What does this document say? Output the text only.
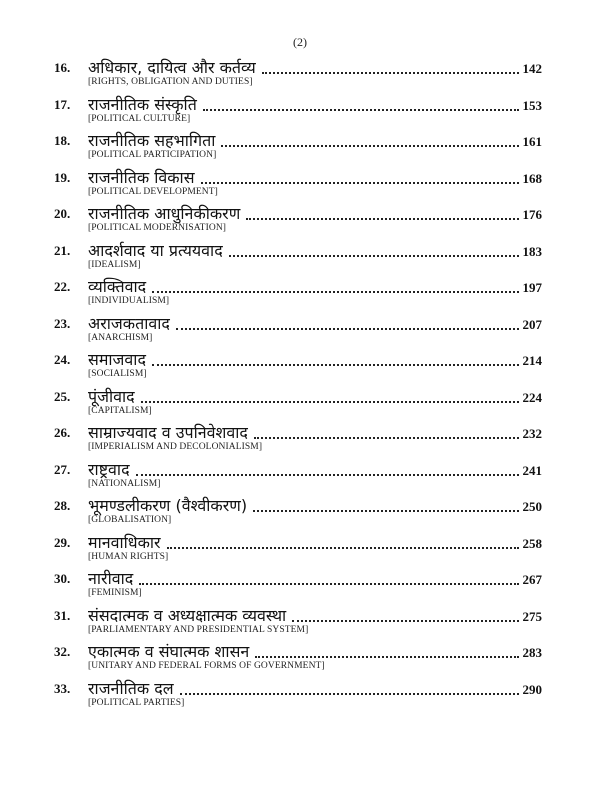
(2)
16. अधिकार, दायित्व और कर्तव्य	142
[RIGHTS, OBLIGATION AND DUTIES]
17. राजनीतिक संस्कृति	153
[POLITICAL CULTURE]
18. राजनीतिक सहभागिता	161
[POLITICAL PARTICIPATION]
19. राजनीतिक विकास	168
[POLITICAL DEVELOPMENT]
20. राजनीतिक आधुनिकीकरण	176
[POLITICAL MODERNISATION]
21. आदर्शवाद या प्रत्ययवाद	183
[IDEALISM]
22. व्यक्तिवाद	197
[INDIVIDUALISM]
23. अराजकतावाद	207
[ANARCHISM]
24. समाजवाद	214
[SOCIALISM]
25. पूंजीवाद	224
[CAPITALISM]
26. साम्राज्यवाद व उपनिवेशवाद	232
[IMPERIALISM AND DECOLONIALISM]
27. राष्ट्रवाद	241
[NATIONALISM]
28. भूमण्डलीकरण (वैश्वीकरण)	250
[GLOBALISATION]
29. मानवाधिकार	258
[HUMAN RIGHTS]
30. नारीवाद	267
[FEMINISM]
31. संसदात्मक व अध्यक्षात्मक व्यवस्था	275
[PARLIAMENTARY AND PRESIDENTIAL SYSTEM]
32. एकात्मक व संघात्मक शासन	283
[UNITARY AND FEDERAL FORMS OF GOVERNMENT]
33. राजनीतिक दल	290
[POLITICAL PARTIES]
